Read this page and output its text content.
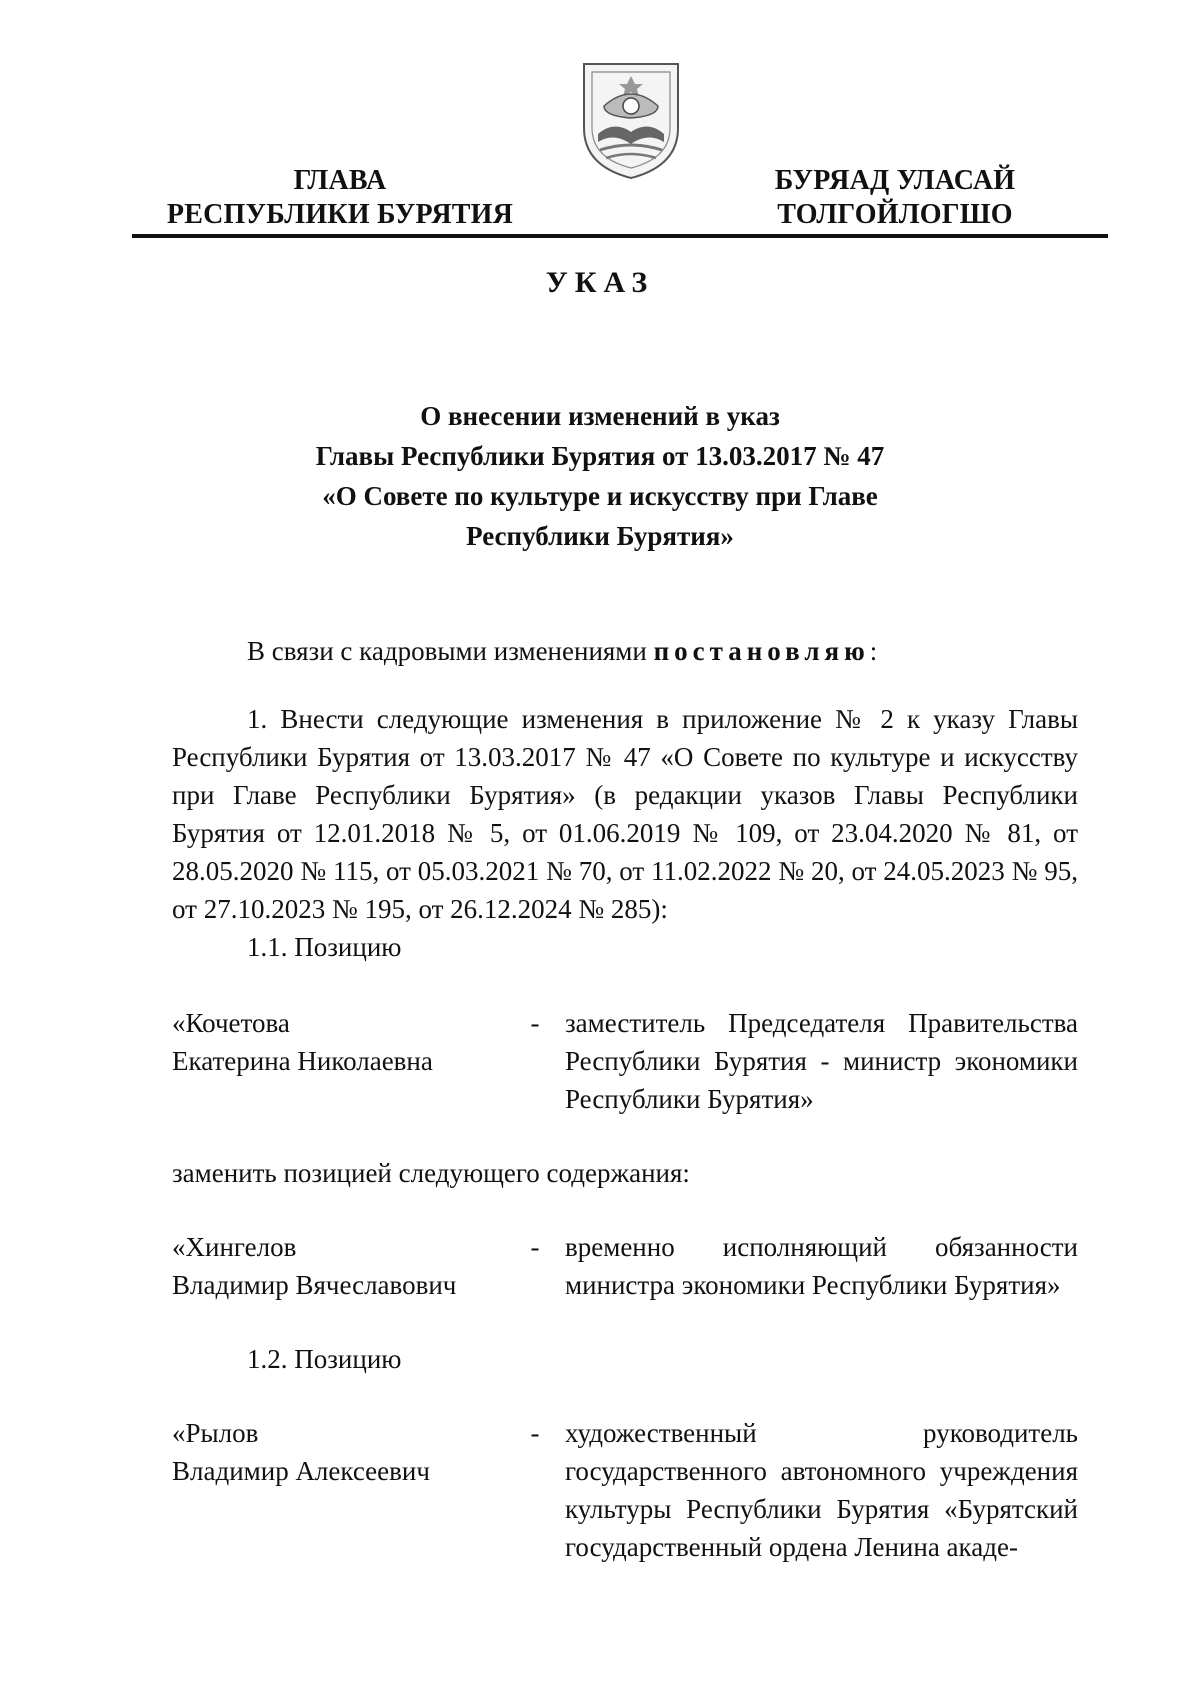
ГЛАВА
РЕСПУБЛИКИ БУРЯТИЯ
БУРЯАД УЛАСАЙ
ТОЛГОЙЛОГШО
УКАЗ
О внесении изменений в указ
Главы Республики Бурятия от 13.03.2017 № 47
«О Совете по культуре и искусству при Главе
Республики Бурятия»
В связи с кадровыми изменениями постановляю:
1. Внести следующие изменения в приложение № 2 к указу Главы Республики Бурятия от 13.03.2017 № 47 «О Совете по культуре и искусству при Главе Республики Бурятия» (в редакции указов Главы Республики Бурятия от 12.01.2018 № 5, от 01.06.2019 № 109, от 23.04.2020 № 81, от 28.05.2020 № 115, от 05.03.2021 № 70, от 11.02.2022 № 20, от 24.05.2023 № 95, от 27.10.2023 № 195, от 26.12.2024 № 285):
1.1. Позицию
«Кочетова
Екатерина Николаевна
- заместитель Председателя Правительства Республики Бурятия - министр экономики Республики Бурятия»
заменить позицией следующего содержания:
«Хингелов
Владимир Вячеславович
- временно исполняющий обязанности министра экономики Республики Бурятия»
1.2. Позицию
«Рылов
Владимир Алексеевич
- художественный руководитель государственного автономного учреждения культуры Республики Бурятия «Бурятский государственный ордена Ленина акаде-
